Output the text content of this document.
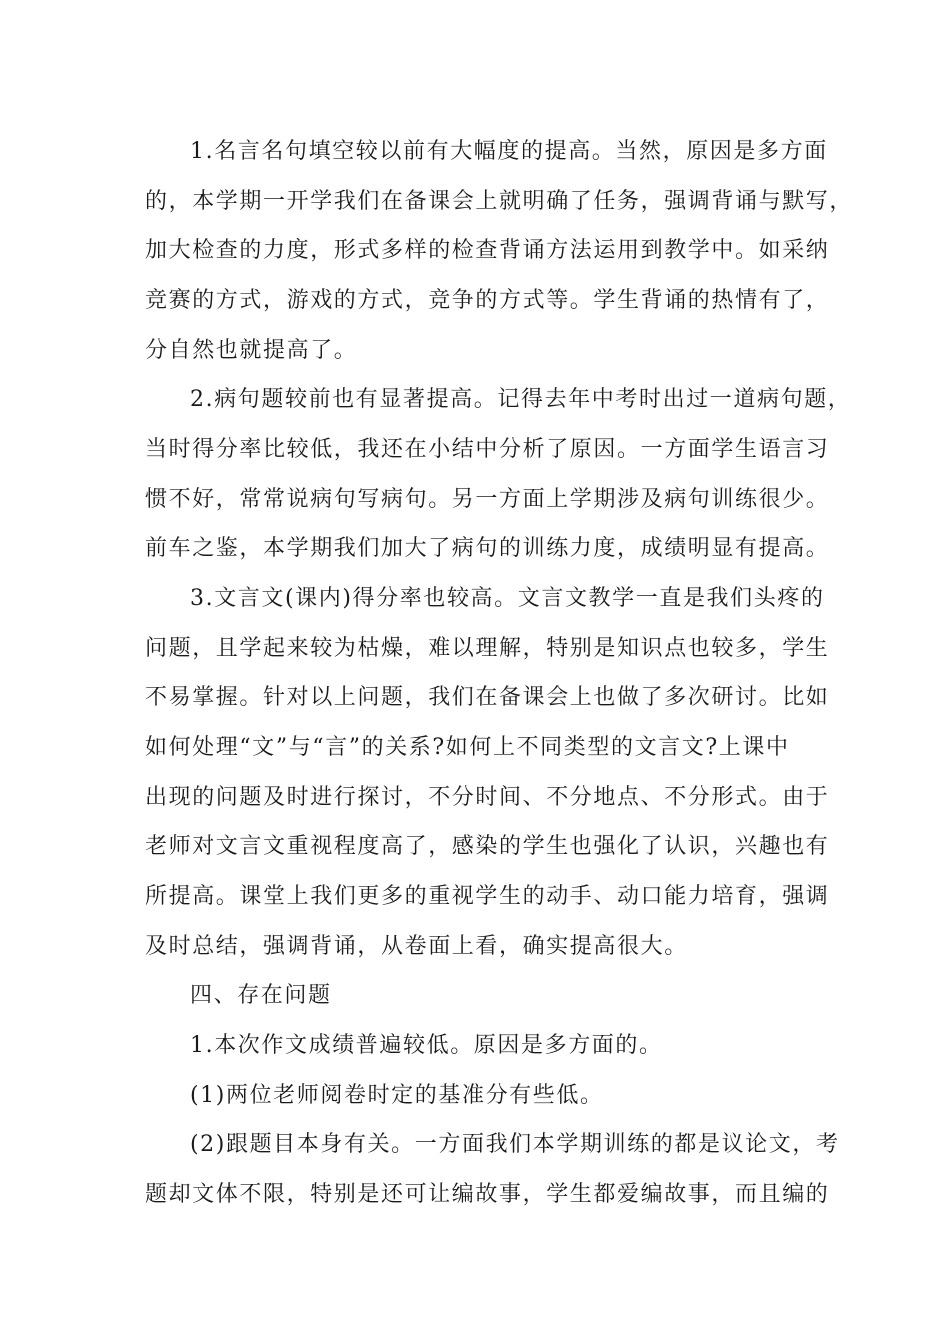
1.名言名句填空较以前有大幅度的提高。当然，原因是多方面

的，本学期一开学我们在备课会上就明确了任务，强调背诵与默写，

加大检查的力度，形式多样的检查背诵方法运用到教学中。如采纳

竞赛的方式，游戏的方式，竞争的方式等。学生背诵的热情有了，

分自然也就提高了。

2.病句题较前也有显著提高。记得去年中考时出过一道病句题，

当时得分率比较低，我还在小结中分析了原因。一方面学生语言习

惯不好，常常说病句写病句。另一方面上学期涉及病句训练很少。

前车之鉴，本学期我们加大了病句的训练力度，成绩明显有提高。

3.文言文(课内)得分率也较高。文言文教学一直是我们头疼的

问题，且学起来较为枯燥，难以理解，特别是知识点也较多，学生

不易掌握。针对以上问题，我们在备课会上也做了多次研讨。比如

如何处理“文”与“言”的关系?如何上不同类型的文言文?上课中

出现的问题及时进行探讨，不分时间、不分地点、不分形式。由于

老师对文言文重视程度高了，感染的学生也强化了认识，兴趣也有

所提高。课堂上我们更多的重视学生的动手、动口能力培育，强调

及时总结，强调背诵，从卷面上看，确实提高很大。

四、存在问题

1.本次作文成绩普遍较低。原因是多方面的。

(1)两位老师阅卷时定的基准分有些低。

(2)跟题目本身有关。一方面我们本学期训练的都是议论文，考

题却文体不限，特别是还可让编故事，学生都爱编故事，而且编的
